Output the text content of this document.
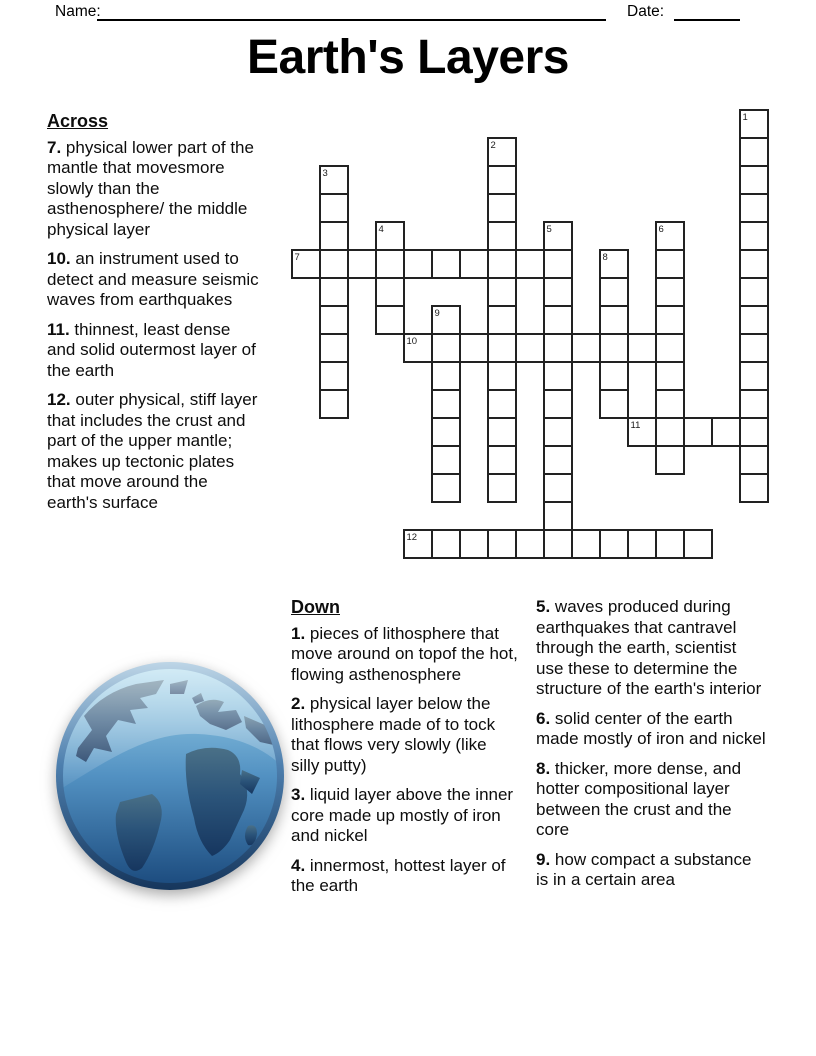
Name:	Date:
Earth's Layers
1
2
3
4	5	6
7	8
9
10
11
12
Across

7. physical lower part of the mantle that movesmore slowly than the asthenosphere/ the middle physical layer

10. an instrument used to detect and measure seismic waves from earthquakes

11. thinnest, least dense and solid outermost layer of the earth

12. outer physical, stiff layer that includes the crust and part of the upper mantle; makes up tectonic plates that move around the earth's surface

Down

1. pieces of lithosphere that move around on topof the hot, flowing asthenosphere

2. physical layer below the lithosphere made of to tock that flows very slowly (like silly putty)

3. liquid layer above the inner core made up mostly of iron and nickel

4. innermost, hottest layer of the earth

5. waves produced during earthquakes that cantravel through the earth, scientist use these to determine the structure of the earth's interior

6. solid center of the earth made mostly of iron and nickel

8. thicker, more dense, and hotter compositional layer between the crust and the core

9. how compact a substance is in a certain area
